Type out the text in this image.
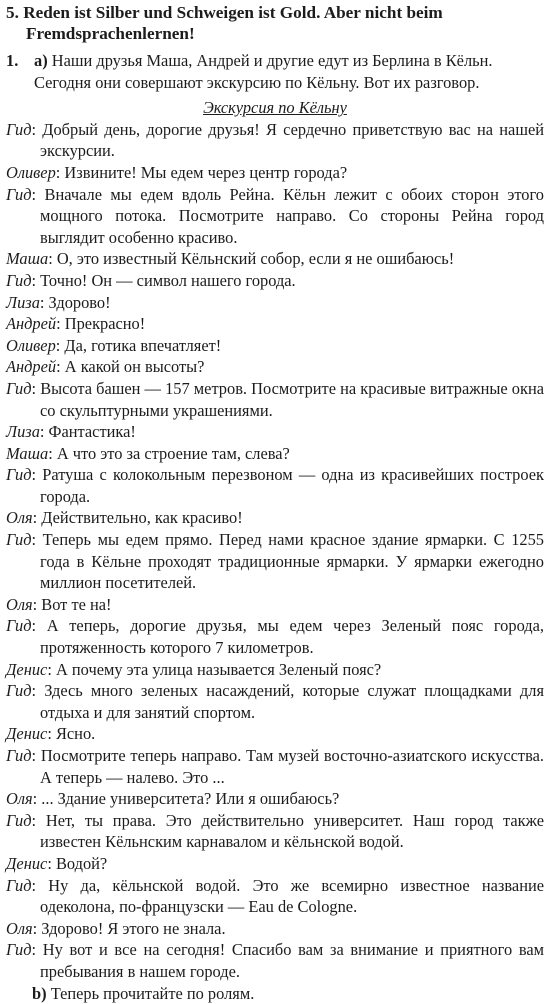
5. Reden ist Silber und Schweigen ist Gold. Aber nicht beim Fremdsprachenlernen!
1. a) Наши друзья Маша, Андрей и другие едут из Берлина в Кёльн. Сегодня они совершают экскурсию по Кёльну. Вот их разговор.
Экскурсия по Кёльну

Гид: Добрый день, дорогие друзья! Я сердечно приветствую вас на нашей экскурсии.

Оливер: Извините! Мы едем через центр города?

Гид: Вначале мы едем вдоль Рейна. Кёльн лежит с обоих сторон этого мощного потока. Посмотрите направо. Со стороны Рейна город выглядит особенно красиво.

Маша: О, это известный Кёльнский собор, если я не ошибаюсь!

Гид: Точно! Он — символ нашего города.

Лиза: Здорово!

Андрей: Прекрасно!

Оливер: Да, готика впечатляет!

Андрей: А какой он высоты?

Гид: Высота башен — 157 метров. Посмотрите на красивые витражные окна со скульптурными украшениями.

Лиза: Фантастика!

Маша: А что это за строение там, слева?

Гид: Ратуша с колокольным перезвоном — одна из красивейших построек города.

Оля: Действительно, как красиво!

Гид: Теперь мы едем прямо. Перед нами красное здание ярмарки. С 1255 года в Кёльне проходят традиционные ярмарки. У ярмарки ежегодно миллион посетителей.

Оля: Вот те на!

Гид: А теперь, дорогие друзья, мы едем через Зеленый пояс города, протяженность которого 7 километров.

Денис: А почему эта улица называется Зеленый пояс?

Гид: Здесь много зеленых насаждений, которые служат площадками для отдыха и для занятий спортом.

Денис: Ясно.

Гид: Посмотрите теперь направо. Там музей восточно-азиатского искусства. А теперь — налево. Это ...

Оля: ... Здание университета? Или я ошибаюсь?

Гид: Нет, ты права. Это действительно университет. Наш город также известен Кёльнским карнавалом и кёльнской водой.

Денис: Водой?

Гид: Ну да, кёльнской водой. Это же всемирно известное название одеколона, по-французски — Eau de Cologne.

Оля: Здорово! Я этого не знала.

Гид: Ну вот и все на сегодня! Спасибо вам за внимание и приятного вам пребывания в нашем городе.

b) Теперь прочитайте по ролям.
